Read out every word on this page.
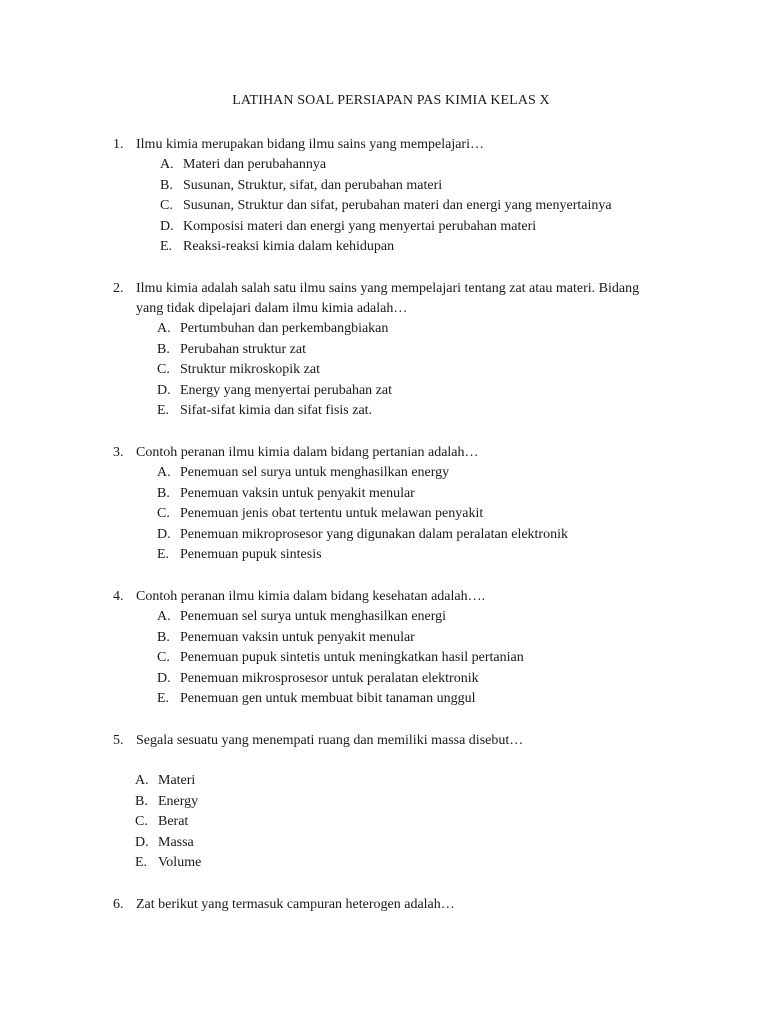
LATIHAN SOAL PERSIAPAN PAS KIMIA KELAS X
1. Ilmu kimia merupakan bidang ilmu sains yang mempelajari…
A. Materi dan perubahannya
B. Susunan, Struktur, sifat, dan perubahan materi
C. Susunan, Struktur dan sifat, perubahan materi dan energi yang menyertainya
D. Komposisi materi dan energi yang menyertai perubahan materi
E. Reaksi-reaksi kimia dalam kehidupan
2. Ilmu kimia adalah salah satu ilmu sains yang mempelajari tentang zat atau materi. Bidang
yang tidak dipelajari dalam ilmu kimia adalah…
A. Pertumbuhan dan perkembangbiakan
B. Perubahan struktur zat
C. Struktur mikroskopik zat
D. Energy yang menyertai perubahan zat
E. Sifat-sifat kimia dan sifat fisis zat.
3. Contoh peranan ilmu kimia dalam bidang pertanian adalah…
A. Penemuan sel surya untuk menghasilkan energy
B. Penemuan vaksin untuk penyakit menular
C. Penemuan jenis obat tertentu untuk melawan penyakit
D. Penemuan mikroprosesor yang digunakan dalam peralatan elektronik
E. Penemuan pupuk sintesis
4. Contoh peranan ilmu kimia dalam bidang kesehatan adalah….
A. Penemuan sel surya untuk menghasilkan energi
B. Penemuan vaksin untuk penyakit menular
C. Penemuan pupuk sintetis untuk meningkatkan hasil pertanian
D. Penemuan mikrosprosesor untuk peralatan elektronik
E. Penemuan gen untuk membuat bibit tanaman unggul
5. Segala sesuatu yang menempati ruang dan memiliki massa disebut…
A. Materi
B. Energy
C. Berat
D. Massa
E. Volume
6. Zat berikut yang termasuk campuran heterogen adalah…
